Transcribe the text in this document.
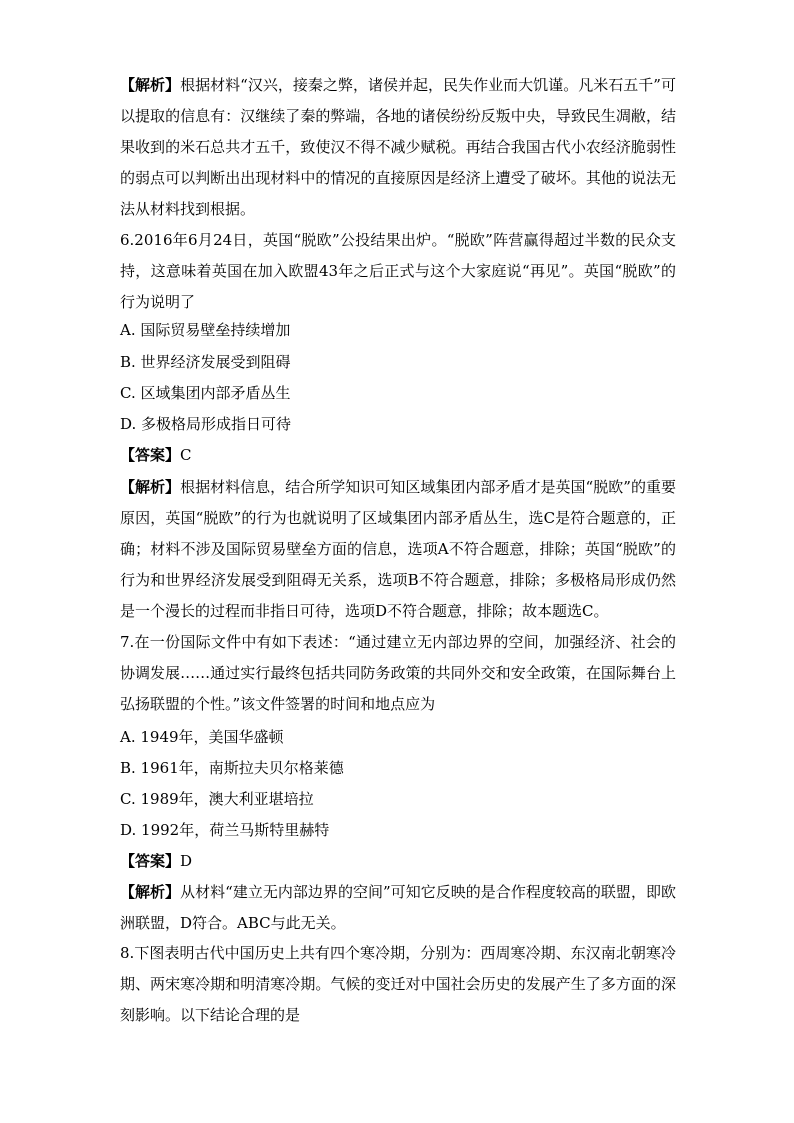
【解析】根据材料“汉兴，接秦之弊，诸侯并起，民失作业而大饥谨。凡米石五千”可以提取的信息有：汉继续了秦的弊端，各地的诸侯纷纷反叛中央，导致民生凋敝，结果收到的米石总共才五千，致使汉不得不减少赋税。再结合我国古代小农经济脆弱性的弱点可以判断出出现材料中的情况的直接原因是经济上遭受了破坏。其他的说法无法从材料找到根据。
6.2016年6月24日，英国“脱欧”公投结果出炉。“脱欧”阵营赢得超过半数的民众支持，这意味着英国在加入欧盟43年之后正式与这个大家庭说“再见”。英国“脱欧”的行为说明了
A. 国际贸易壁垒持续增加
B. 世界经济发展受到阻碍
C. 区域集团内部矛盾丛生
D. 多极格局形成指日可待
【答案】C
【解析】根据材料信息，结合所学知识可知区域集团内部矛盾才是英国“脱欧”的重要原因，英国“脱欧”的行为也就说明了区域集团内部矛盾丛生，选C是符合题意的，正确；材料不涉及国际贸易壁垒方面的信息，选项A不符合题意，排除；英国“脱欧”的行为和世界经济发展受到阻碍无关系，选项B不符合题意，排除；多极格局形成仍然是一个漫长的过程而非指日可待，选项D不符合题意，排除；故本题选C。
7.在一份国际文件中有如下表述：“通过建立无内部边界的空间，加强经济、社会的协调发展……通过实行最终包括共同防务政策的共同外交和安全政策，在国际舞台上弘扬联盟的个性。”该文件签署的时间和地点应为
A. 1949年，美国华盛顿
B. 1961年，南斯拉夫贝尔格莱德
C. 1989年，澳大利亚堪培拉
D. 1992年，荷兰马斯特里赫特
【答案】D
【解析】从材料“建立无内部边界的空间”可知它反映的是合作程度较高的联盟，即欧洲联盟，D符合。ABC与此无关。
8.下图表明古代中国历史上共有四个寒冷期，分别为：西周寒冷期、东汉南北朝寒冷期、两宋寒冷期和明清寒冷期。气候的变迁对中国社会历史的发展产生了多方面的深刻影响。以下结论合理的是
